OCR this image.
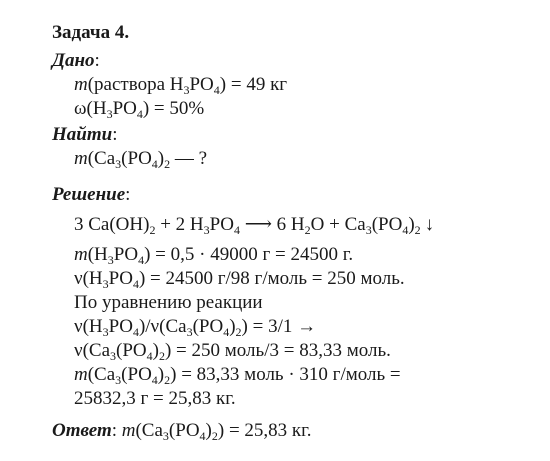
Задача 4.
Дано:
m(раствора $H_3PO_4) = 49$ кг
$\omega(H_3PO_4) = 50\%$
Найти:
$m(Ca_3(PO_4)_2$ — ?
Решение:
3 $Ca(OH)_2 + 2$ $H_3PO_4$ ⟶ 6 $H_2O + Ca_3(PO_4)_2$ ↓
$m(H_3PO_4) = 0,5 \cdot 49000$ г = 24500 г.
$\nu(H_3PO_4) = 24500$ г/98 г/моль = 250 моль.
По уравнению реакции
$\nu(H_3PO_4)/\nu(Ca_3(PO_4)_2) = 3/1$ →
$\nu(Ca_3(PO_4)_2) = 250$ моль/3 = 83,33 моль.
$m(Ca_3(PO_4)_2) = 83,33$ моль · 310 г/моль =
25832,3 г = 25,83 кг.
Ответ: $m(Ca_3(PO_4)_2) = 25,83$ кг.
